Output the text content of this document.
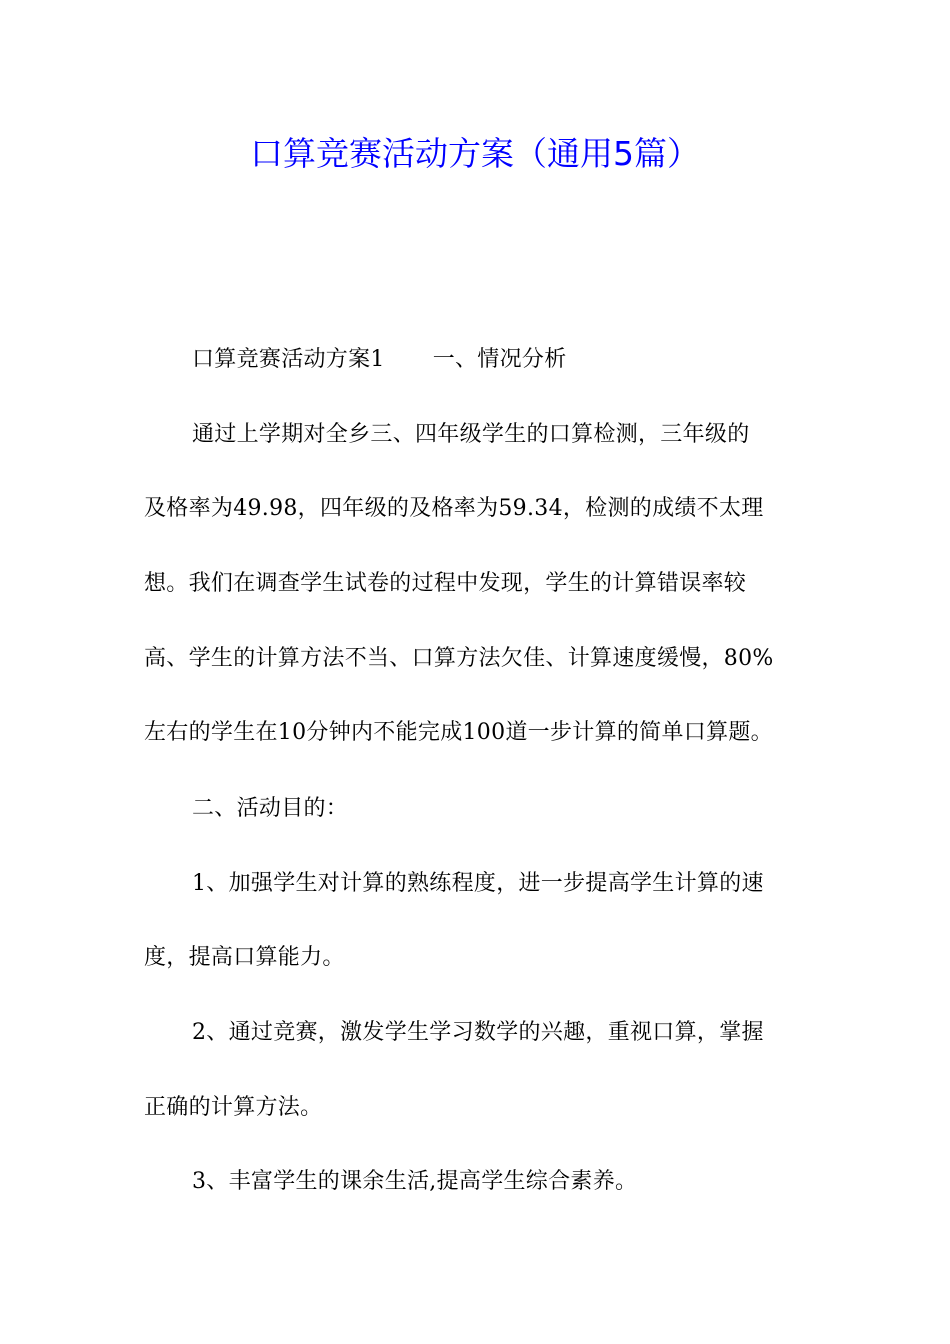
口算竞赛活动方案（通用5篇）
口算竞赛活动方案1 一、情况分析
通过上学期对全乡三、四年级学生的口算检测，三年级的
及格率为49.98，四年级的及格率为59.34，检测的成绩不太理
想。我们在调查学生试卷的过程中发现，学生的计算错误率较
高、学生的计算方法不当、口算方法欠佳、计算速度缓慢，80%
左右的学生在10分钟内不能完成100道一步计算的简单口算题。
二、活动目的：
1、加强学生对计算的熟练程度，进一步提高学生计算的速
度，提高口算能力。
2、通过竞赛，激发学生学习数学的兴趣，重视口算，掌握
正确的计算方法。
3、丰富学生的课余生活,提高学生综合素养。
